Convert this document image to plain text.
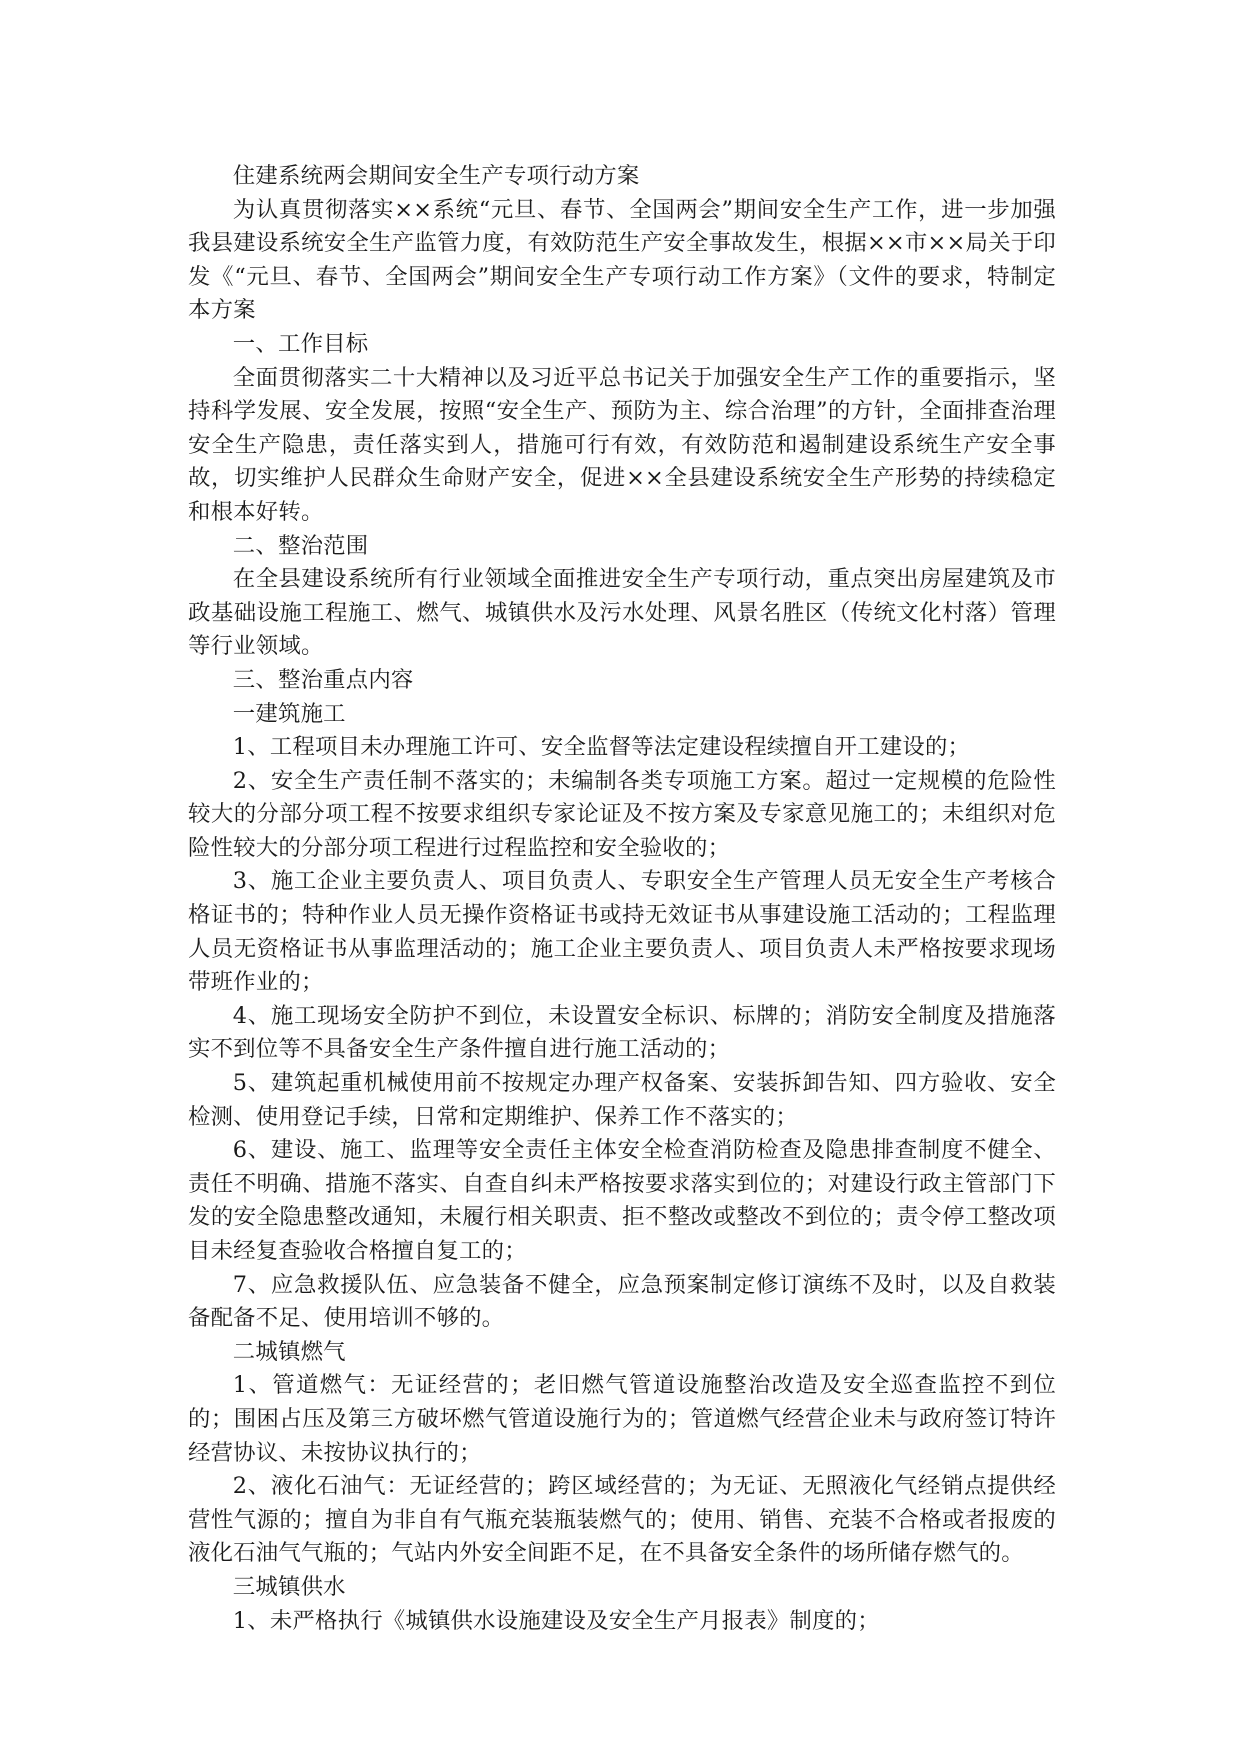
住建系统两会期间安全生产专项行动方案

为认真贯彻落实××系统“元旦、春节、全国两会”期间安全生产工作，进一步加强我县建设系统安全生产监管力度，有效防范生产安全事故发生，根据××市××局关于印发《“元旦、春节、全国两会”期间安全生产专项行动工作方案》（文件的要求，特制定本方案

一、工作目标

全面贯彻落实二十大精神以及习近平总书记关于加强安全生产工作的重要指示，坚持科学发展、安全发展，按照“安全生产、预防为主、综合治理”的方针，全面排查治理安全生产隐患，责任落实到人，措施可行有效，有效防范和遏制建设系统生产安全事故，切实维护人民群众生命财产安全，促进××全县建设系统安全生产形势的持续稳定和根本好转。

二、整治范围

在全县建设系统所有行业领域全面推进安全生产专项行动，重点突出房屋建筑及市政基础设施工程施工、燃气、城镇供水及污水处理、风景名胜区（传统文化村落）管理等行业领域。

三、整治重点内容

一建筑施工

1、工程项目未办理施工许可、安全监督等法定建设程续擅自开工建设的；

2、安全生产责任制不落实的；未编制各类专项施工方案。超过一定规模的危险性较大的分部分项工程不按要求组织专家论证及不按方案及专家意见施工的；未组织对危险性较大的分部分项工程进行过程监控和安全验收的；

3、施工企业主要负责人、项目负责人、专职安全生产管理人员无安全生产考核合格证书的；特种作业人员无操作资格证书或持无效证书从事建设施工活动的；工程监理人员无资格证书从事监理活动的；施工企业主要负责人、项目负责人未严格按要求现场带班作业的；

4、施工现场安全防护不到位，未设置安全标识、标牌的；消防安全制度及措施落实不到位等不具备安全生产条件擅自进行施工活动的；

5、建筑起重机械使用前不按规定办理产权备案、安装拆卸告知、四方验收、安全检测、使用登记手续，日常和定期维护、保养工作不落实的；

6、建设、施工、监理等安全责任主体安全检查消防检查及隐患排查制度不健全、责任不明确、措施不落实、自查自纠未严格按要求落实到位的；对建设行政主管部门下发的安全隐患整改通知，未履行相关职责、拒不整改或整改不到位的；责令停工整改项目未经复查验收合格擅自复工的；

7、应急救援队伍、应急装备不健全，应急预案制定修订演练不及时，以及自救装备配备不足、使用培训不够的。

二城镇燃气

1、管道燃气：无证经营的；老旧燃气管道设施整治改造及安全巡查监控不到位的；围困占压及第三方破坏燃气管道设施行为的；管道燃气经营企业未与政府签订特许经营协议、未按协议执行的；

2、液化石油气：无证经营的；跨区域经营的；为无证、无照液化气经销点提供经营性气源的；擅自为非自有气瓶充装瓶装燃气的；使用、销售、充装不合格或者报废的液化石油气气瓶的；气站内外安全间距不足，在不具备安全条件的场所储存燃气的。

三城镇供水

1、未严格执行《城镇供水设施建设及安全生产月报表》制度的；
